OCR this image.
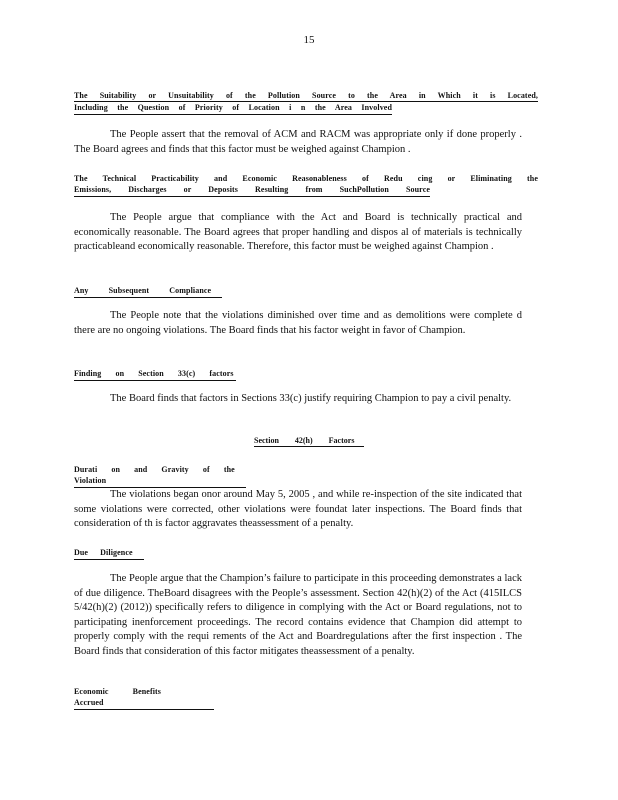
15
The Suitability or Unsuitability of the Pollution Source to the Area in Which it is Located,
Including the Question of Priority of Location i n the Area Involved

The People assert that the removal of ACM and RACM was appropriate only if done properly . The Board agrees and finds that this factor must be weighed against Champion .

The Technical Practicability and Economic Reasonableness of Redu cing or Eliminating the
Emissions, Discharges or Deposits Resulting from SuchPollution Source

The People argue that compliance with the Act and Board is technically practical and economically reasonable. The Board agrees that proper handling and dispos al of materials is technically practicableand economically reasonable. Therefore, this factor must be weighed against Champion .

Any Subsequent Compliance

The People note that the violations diminished over time and as demolitions were complete d there are no ongoing violations. The Board finds that his factor weight in favor of Champion.

Finding on Section 33(c) factors

The Board finds that factors in Sections 33(c) justify requiring Champion to pay a civil penalty.

Section 42(h) Factors
Durati on and Gravity of the Violation

The violations began onor around May 5, 2005 , and while re-inspection of the site indicated that some violations were corrected, other violations were foundat later inspections. The Board finds that consideration of th is factor aggravates theassessment of a penalty.

Due Diligence

The People argue that the Champion’s failure to participate in this proceeding demonstrates a lack of due diligence. TheBoard disagrees with the People’s assessment. Section 42(h)(2) of the Act (415ILCS 5/42(h)(2) (2012)) specifically refers to diligence in complying with the Act or Board regulations, not to participating inenforcement proceedings. The record contains evidence that Champion did attempt to properly comply with the requi rements of the Act and Boardregulations after the first inspection . The Board finds that consideration of this factor mitigates theassessment of a penalty.

Economic Benefits Accrued
